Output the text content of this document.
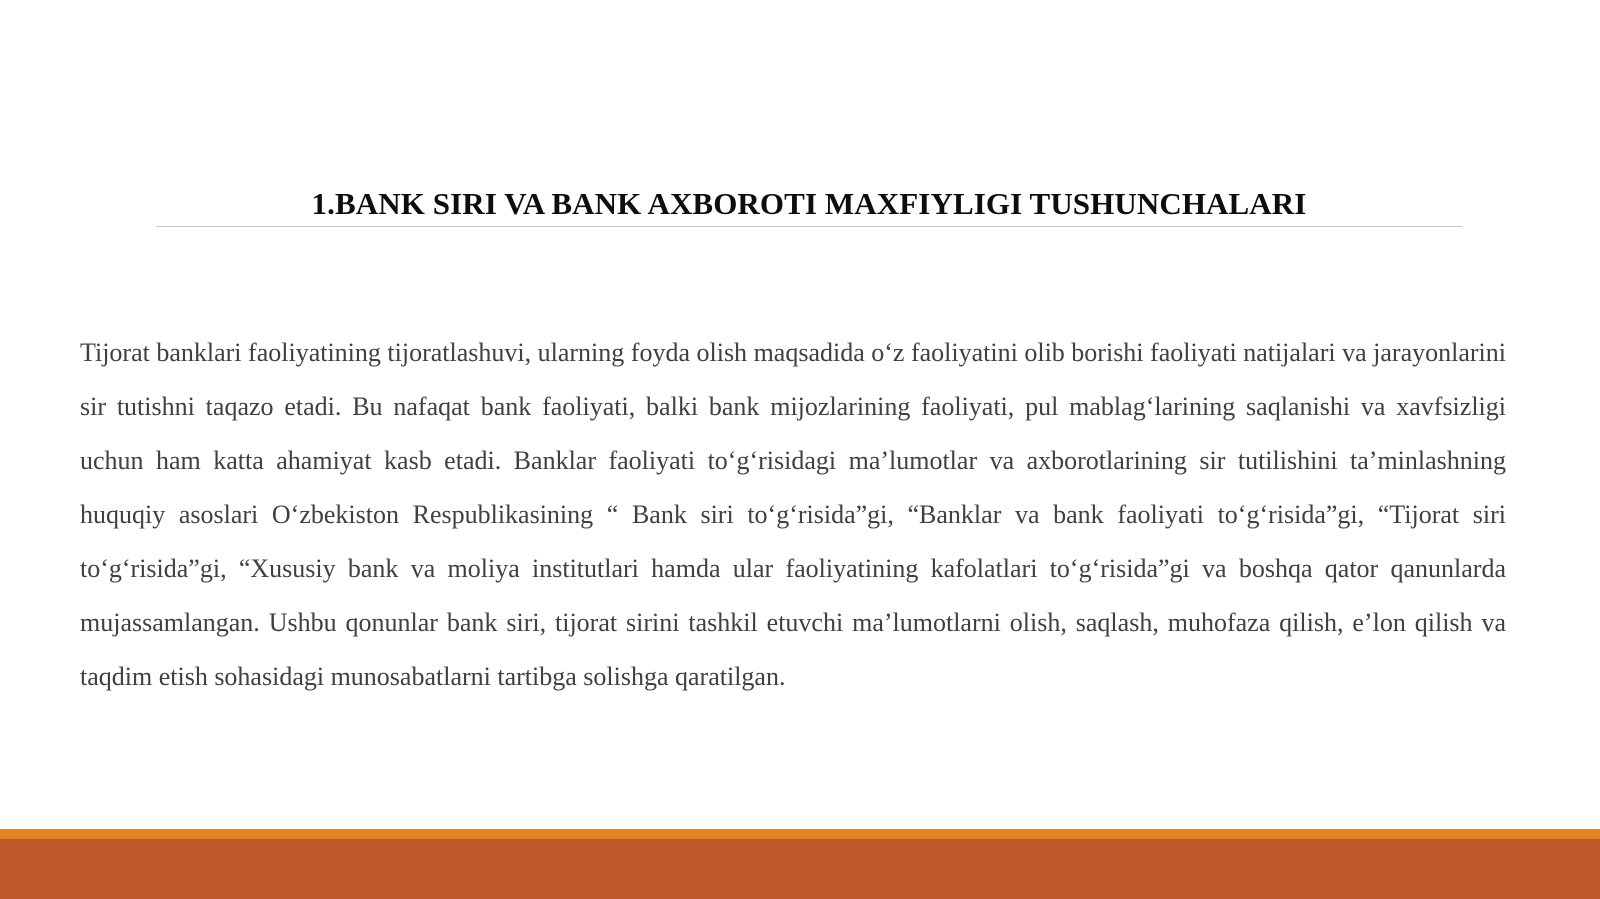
1.BANK SIRI VA BANK AXBOROTI MAXFIYLIGI TUSHUNCHALARI

Tijorat banklari faoliyatining tijoratlashuvi, ularning foyda olish maqsadida o‘z faoliyatini olib borishi faoliyati natijalari va jarayonlarini sir tutishni taqazo etadi. Bu nafaqat bank faoliyati, balki bank mijozlarining faoliyati, pul mablag‘larining saqlanishi va xavfsizligi uchun ham katta ahamiyat kasb etadi. Banklar faoliyati to‘g‘risidagi ma’lumotlar va axborotlarining sir tutilishini ta’minlashning huquqiy asoslari O‘zbekiston Respublikasining “ Bank siri to‘g‘risida”gi, “Banklar va bank faoliyati to‘g‘risida”gi, “Tijorat siri to‘g‘risida”gi, “Xususiy bank va moliya institutlari hamda ular faoliyatining kafolatlari to‘g‘risida”gi va boshqa qator qanunlarda mujassamlangan. Ushbu qonunlar bank siri, tijorat sirini tashkil etuvchi ma’lumotlarni olish, saqlash, muhofaza qilish, e’lon qilish va taqdim etish sohasidagi munosabatlarni tartibga solishga qaratilgan.
